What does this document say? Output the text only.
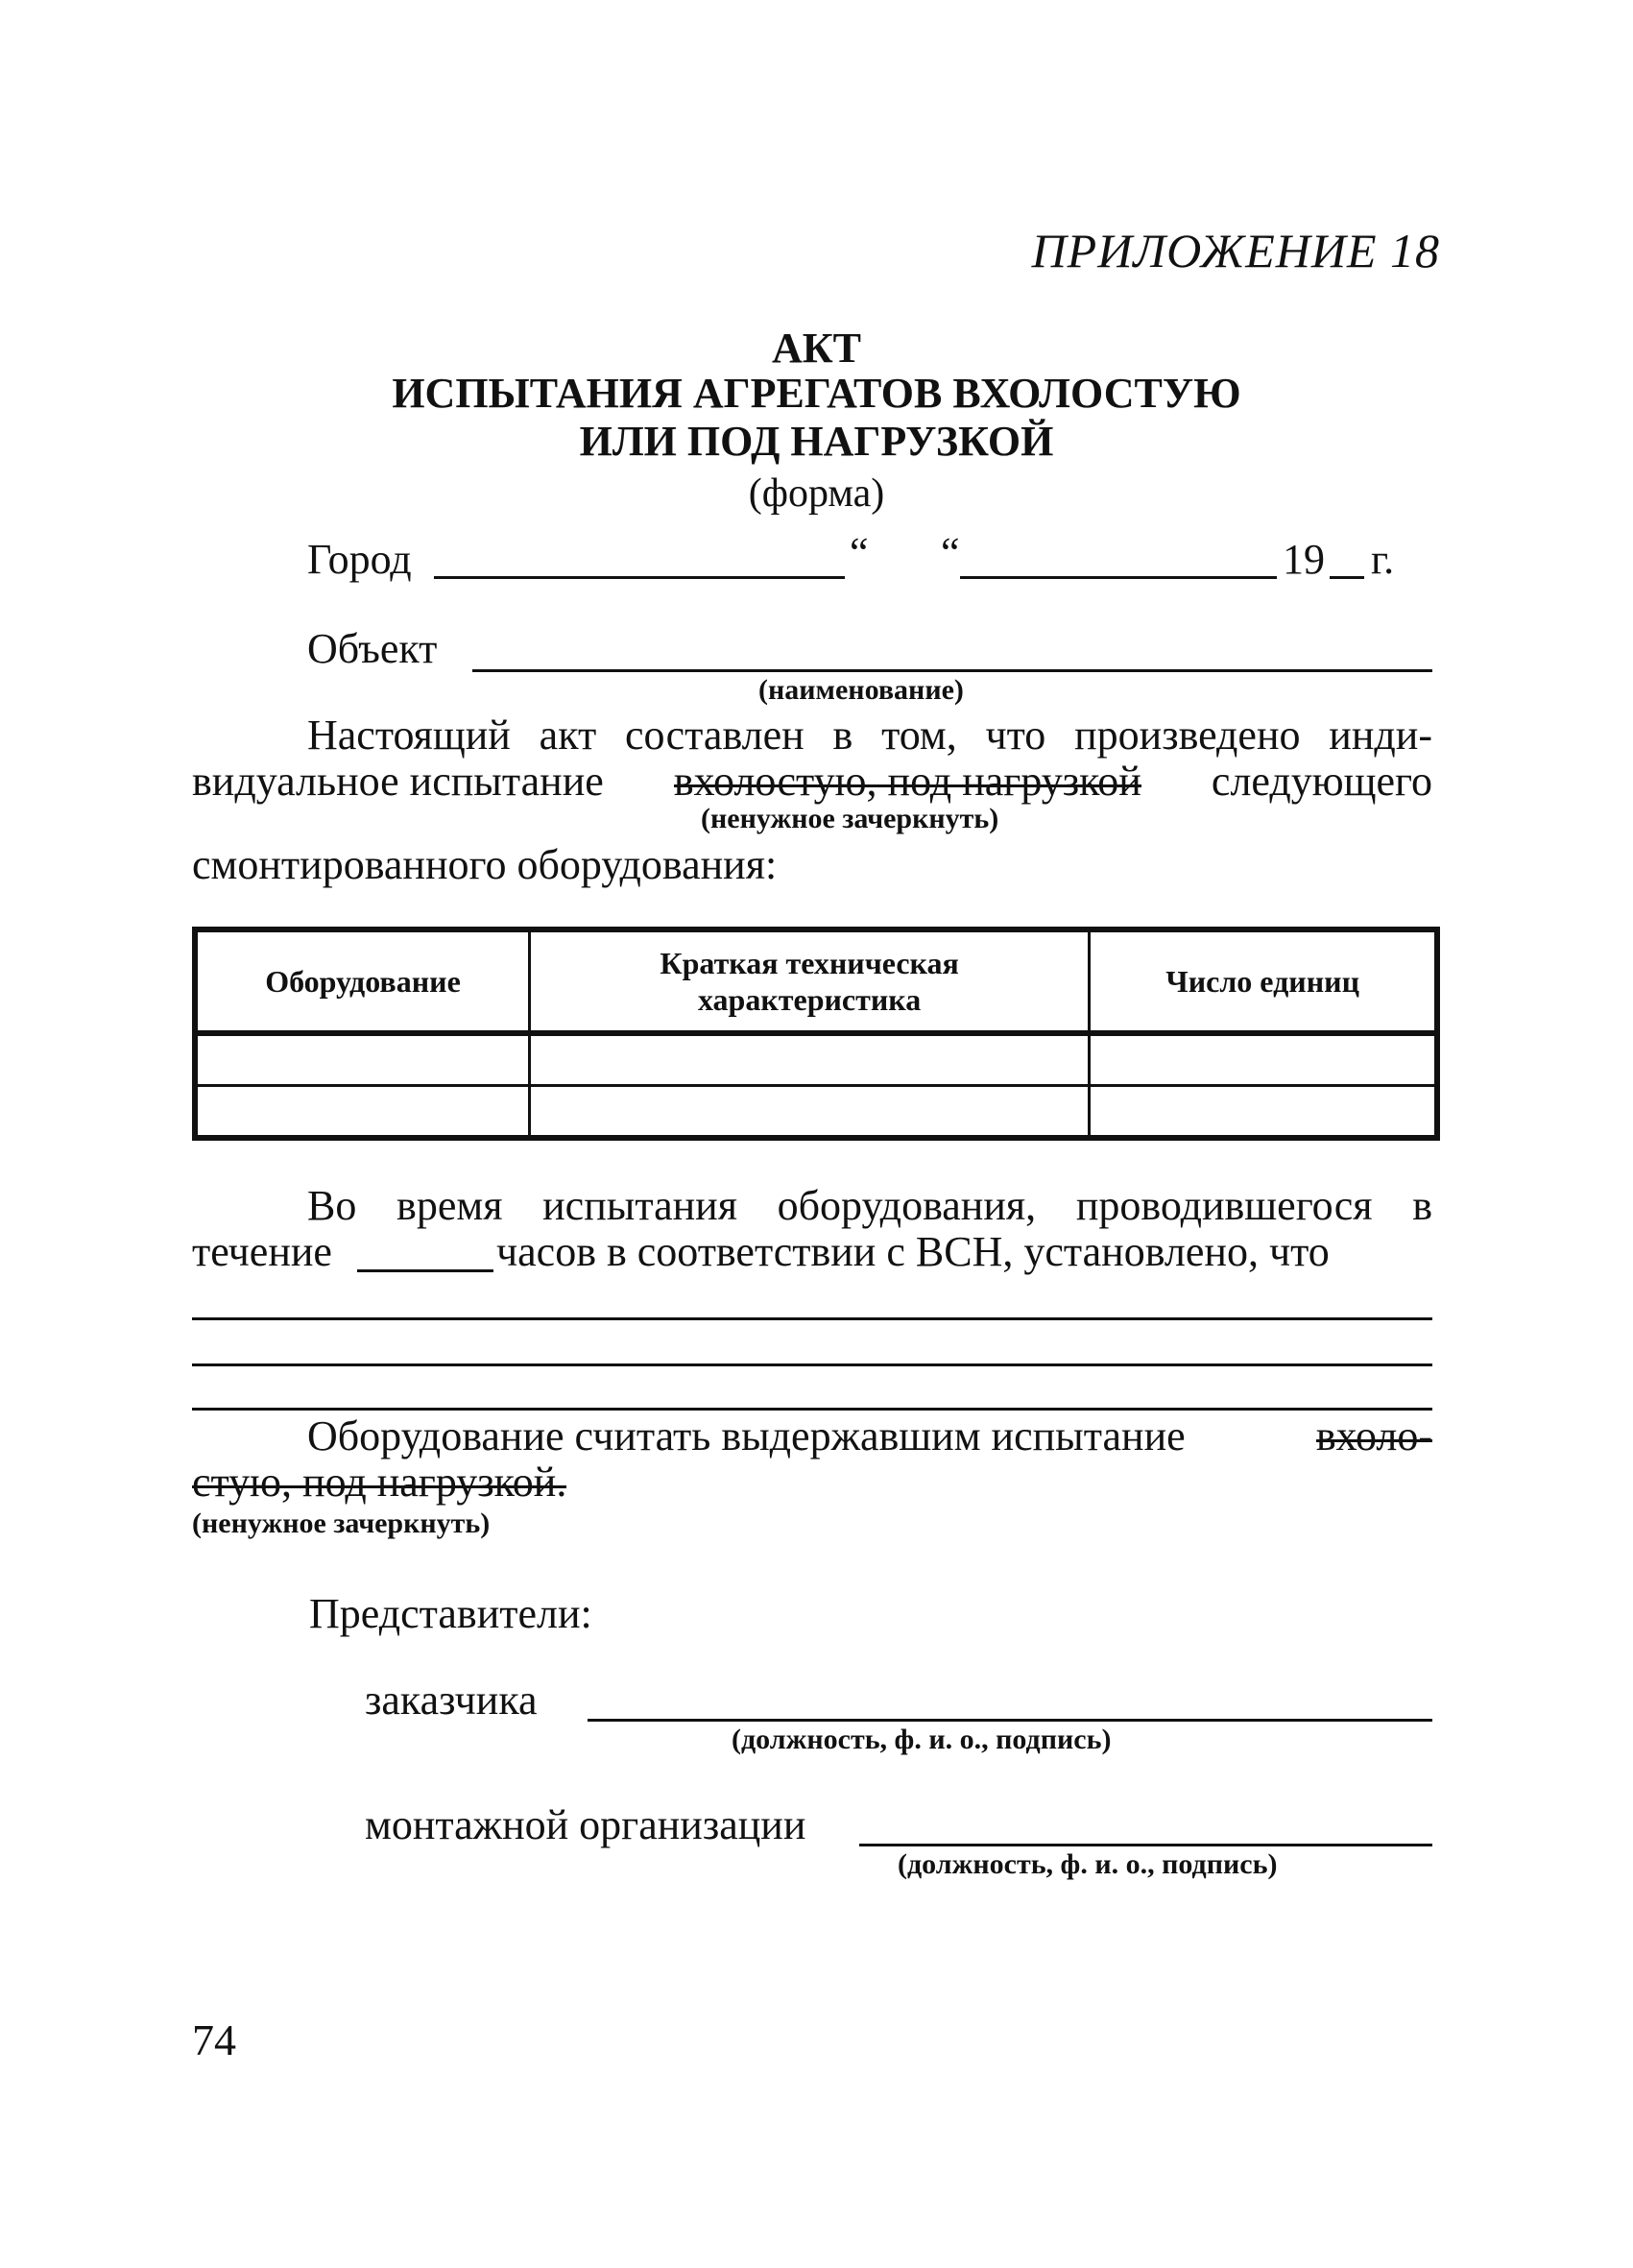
ПРИЛОЖЕНИЕ 18
АКТ
ИСПЫТАНИЯ АГРЕГАТОВ ВХОЛОСТУЮ
ИЛИ ПОД НАГРУЗКОЙ
(форма)
Город	“ “	19 г.
Объект
(наименование)
Настоящий акт составлен в том, что произведено инди-
видуальное испытание вхолостую, под нагрузкой следующего
(ненужное зачеркнуть)
смонтированного оборудования:
Оборудование	Краткая техническая характеристика	Число единиц

Во время испытания оборудования, проводившегося в
течение	часов в соответствии с ВСН, установлено, что
Оборудование считать выдержавшим испытание	вхоло-
стую, под нагрузкой.
(ненужное зачеркнуть)
Представители:
заказчика
(должность, ф. и. о., подпись)
монтажной организации
(должность, ф. и. о., подпись)
74
